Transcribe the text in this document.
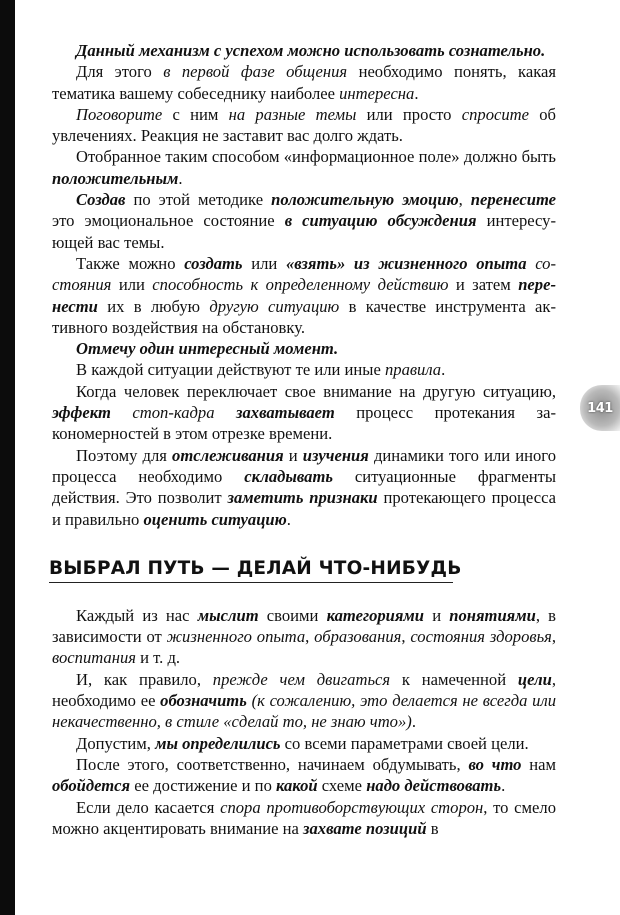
141

Данный механизм с успехом можно использовать сознательно.

Для этого в первой фазе общения необходимо понять, какая тематика вашему собеседнику наиболее интересна.

Поговорите с ним на разные темы или просто спросите об увлечениях. Реакция не заставит вас долго ждать.

Отобранное таким способом «информационное поле» должно быть положительным.

Создав по этой методике положительную эмоцию, перенесите это эмоциональное состояние в ситуацию обсуждения интересующей вас темы.

Также можно создать или «взять» из жизненного опыта состояния или способность к определенному действию и затем перенести их в любую другую ситуацию в качестве инструмента активного воздействия на обстановку.

Отмечу один интересный момент.

В каждой ситуации действуют те или иные правила.

Когда человек переключает свое внимание на другую ситуацию, эффект стоп-кадра захватывает процесс протекания закономерностей в этом отрезке времени.

Поэтому для отслеживания и изучения динамики того или иного процесса необходимо складывать ситуационные фрагменты действия. Это позволит заметить признаки протекающего процесса и правильно оценить ситуацию.

ВЫБРАЛ ПУТЬ — ДЕЛАЙ ЧТО-НИБУДЬ

Каждый из нас мыслит своими категориями и понятиями, в зависимости от жизненного опыта, образования, состояния здоровья, воспитания и т. д.

И, как правило, прежде чем двигаться к намеченной цели, необходимо ее обозначить (к сожалению, это делается не всегда или некачественно, в стиле «сделай то, не знаю что»).

Допустим, мы определились со всеми параметрами своей цели.

После этого, соответственно, начинаем обдумывать, во что нам обойдется ее достижение и по какой схеме надо действовать.

Если дело касается спора противоборствующих сторон, то смело можно акцентировать внимание на захвате позиций в
